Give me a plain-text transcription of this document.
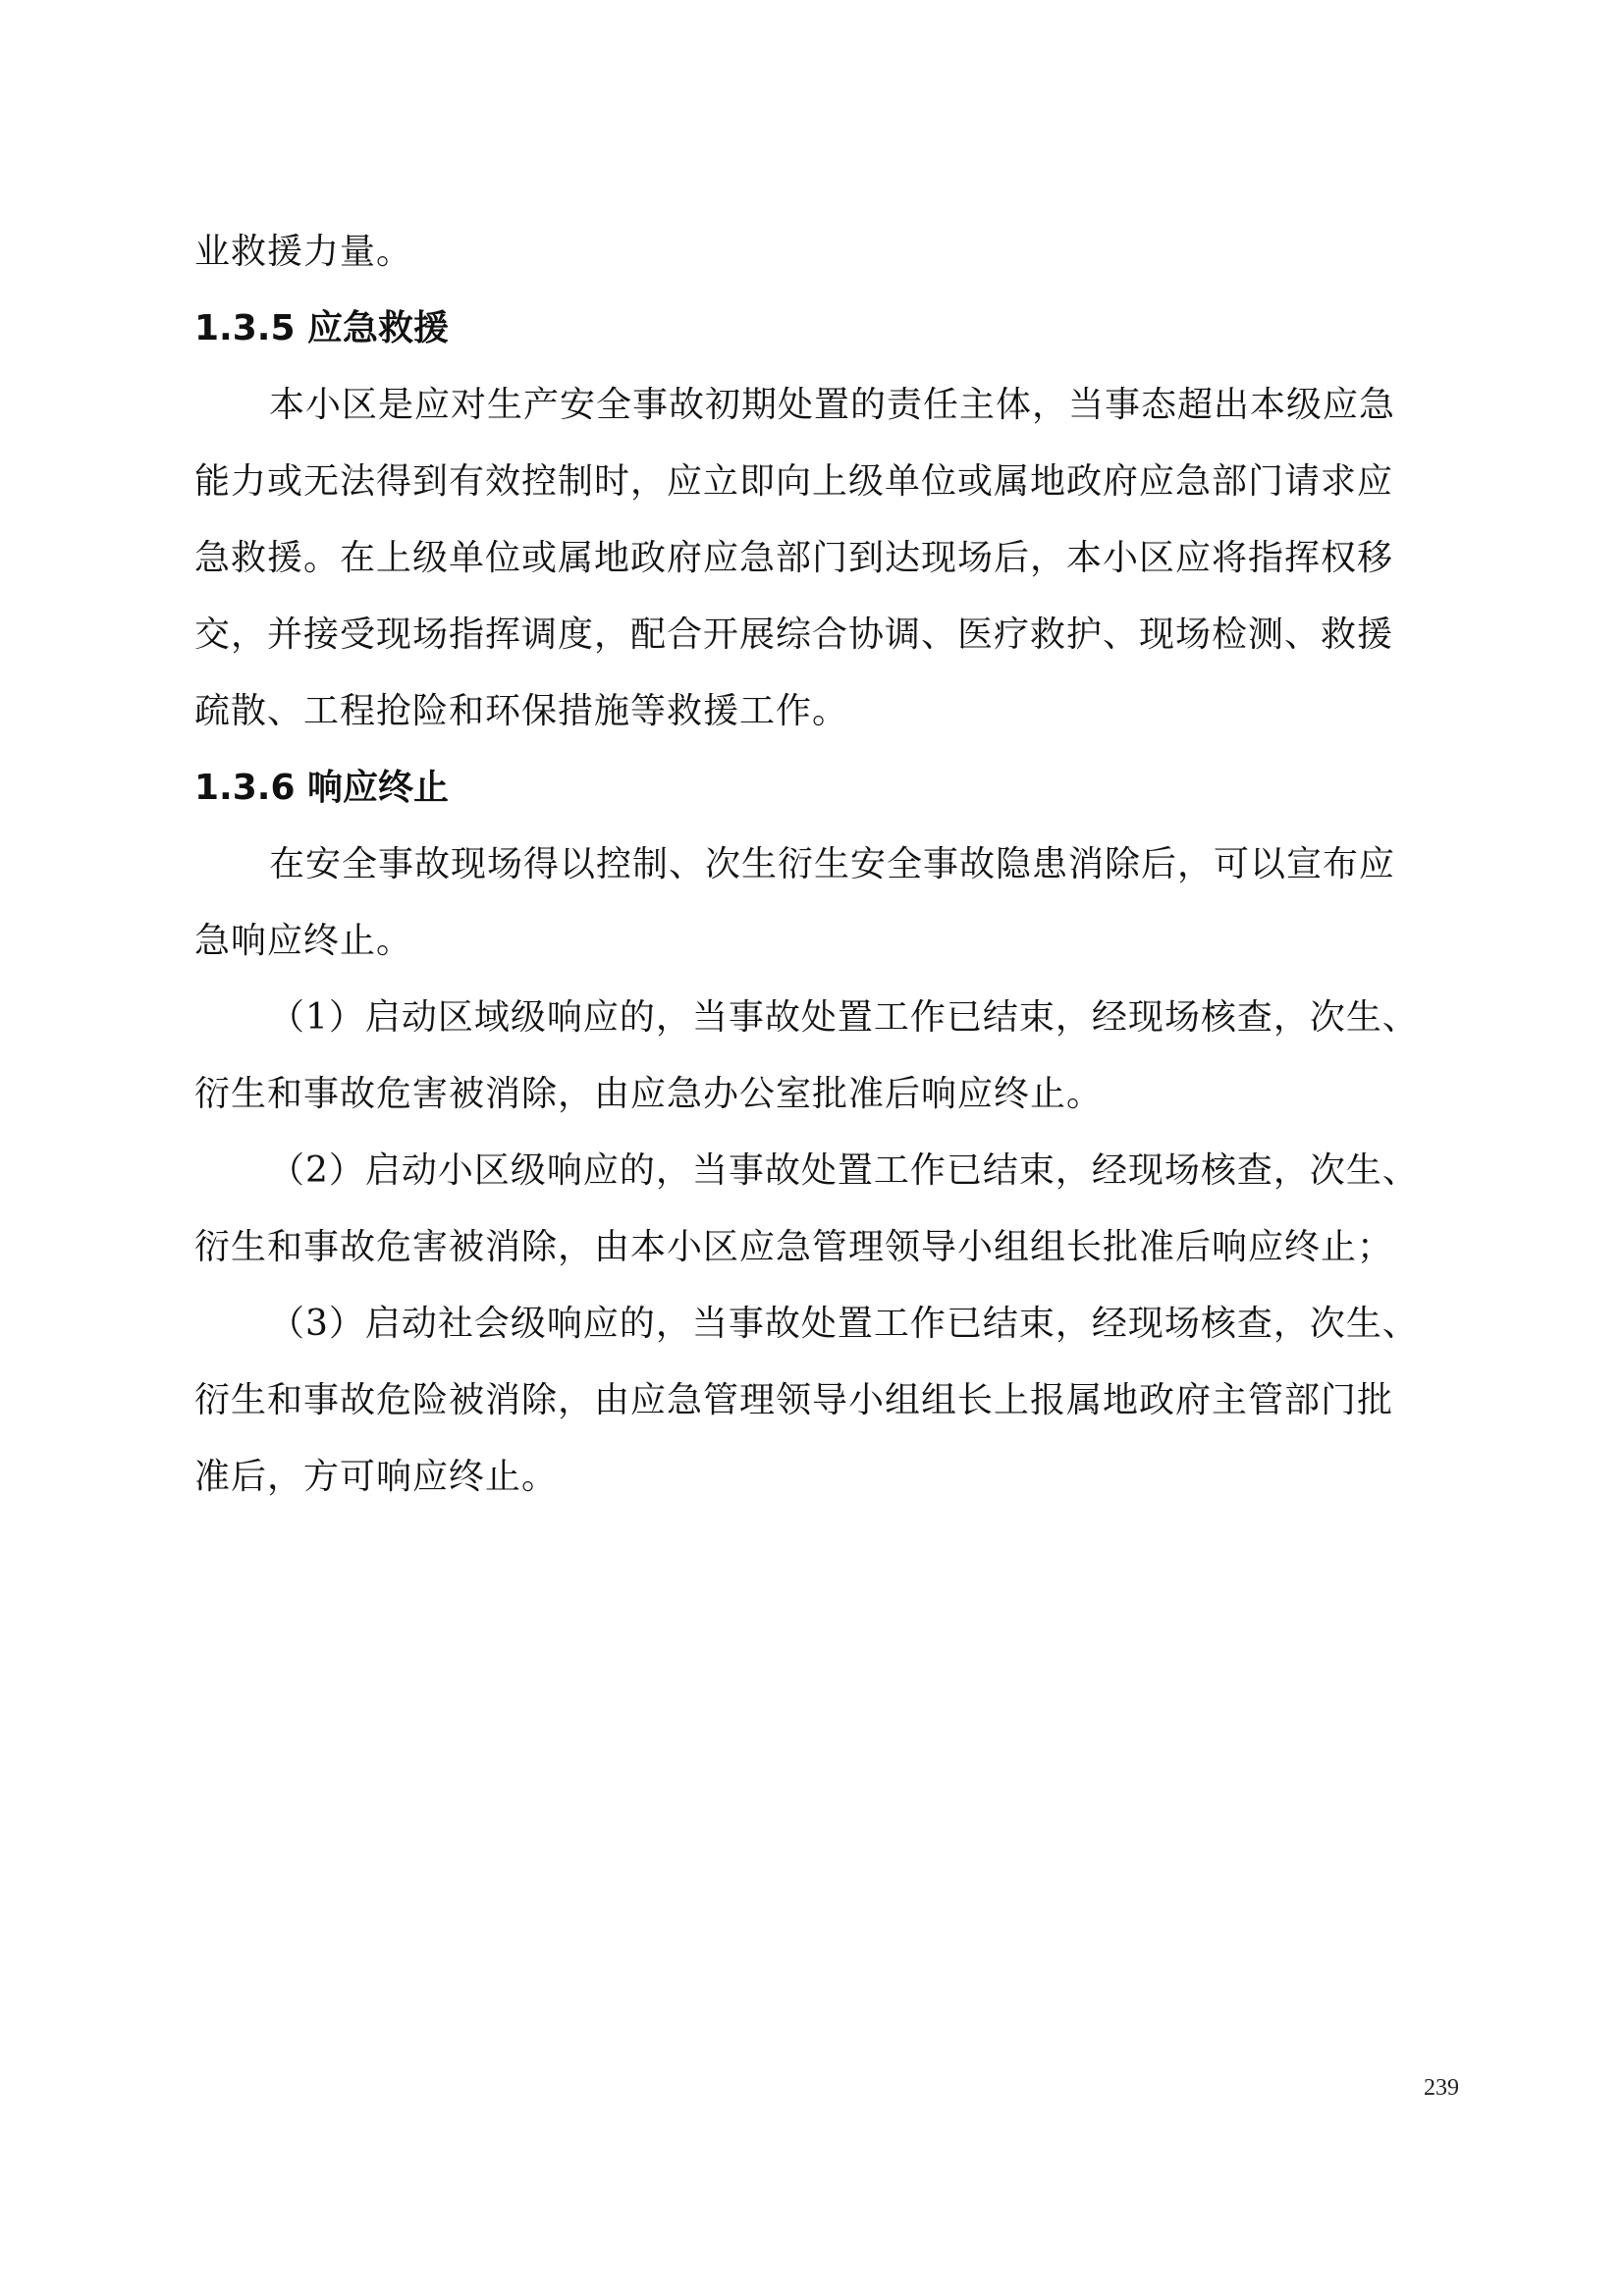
业救援力量。
1.3.5 应急救援
本小区是应对生产安全事故初期处置的责任主体，当事态超出本级应急
能力或无法得到有效控制时，应立即向上级单位或属地政府应急部门请求应
急救援。在上级单位或属地政府应急部门到达现场后，本小区应将指挥权移
交，并接受现场指挥调度，配合开展综合协调、医疗救护、现场检测、救援
疏散、工程抢险和环保措施等救援工作。
1.3.6 响应终止
在安全事故现场得以控制、次生衍生安全事故隐患消除后，可以宣布应
急响应终止。
（1）启动区域级响应的，当事故处置工作已结束，经现场核查，次生、
衍生和事故危害被消除，由应急办公室批准后响应终止。
（2）启动小区级响应的，当事故处置工作已结束，经现场核查，次生、
衍生和事故危害被消除，由本小区应急管理领导小组组长批准后响应终止；
（3）启动社会级响应的，当事故处置工作已结束，经现场核查，次生、
衍生和事故危险被消除，由应急管理领导小组组长上报属地政府主管部门批
准后，方可响应终止。
239
